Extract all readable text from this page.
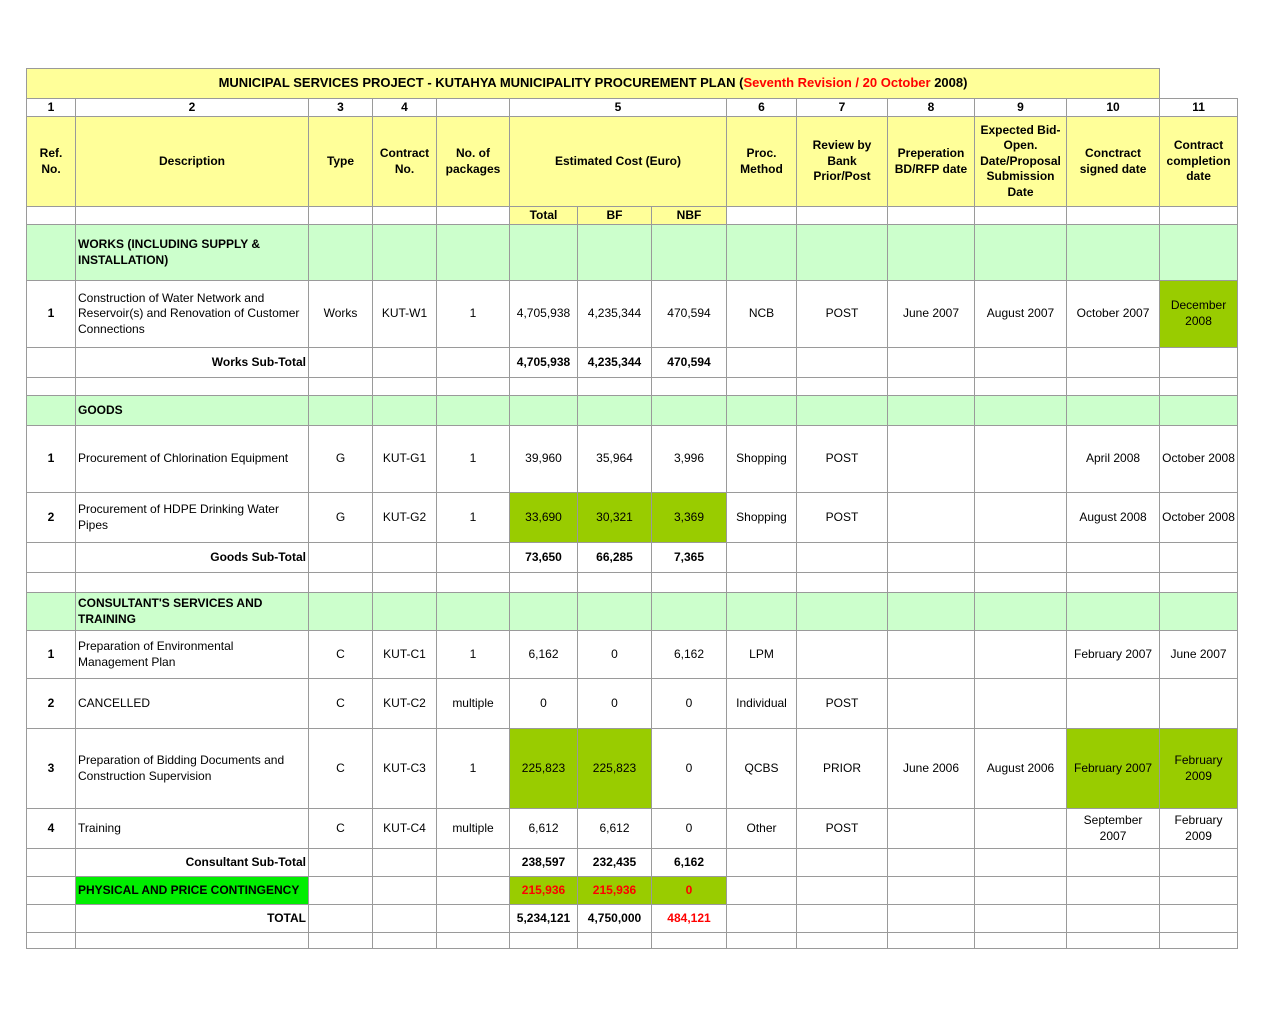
MUNICIPAL SERVICES PROJECT - KUTAHYA MUNICIPALITY PROCUREMENT PLAN (Seventh Revision / 20 October 2008)													
1	2	3	4		5			6	7	8	9	10	11
Ref. No.	Description	Type	Contract No.	No. of packages	Estimated Cost (Euro)			Proc. Method	Review by Bank Prior/Post	Preperation BD/RFP date	Expected Bid-Open. Date/Proposal Submission Date	Conctract signed date	Contract completion date
					Total	BF	NBF						
	WORKS (INCLUDING SUPPLY & INSTALLATION)												
1	Construction of Water Network and Reservoir(s) and Renovation of Customer Connections	Works	KUT-W1	1	4,705,938	4,235,344	470,594	NCB	POST	June 2007	August 2007	October 2007	December 2008
	Works Sub-Total				4,705,938	4,235,344	470,594						

	GOODS												
1	Procurement of Chlorination Equipment	G	KUT-G1	1	39,960	35,964	3,996	Shopping	POST			April 2008	October 2008
2	Procurement of HDPE Drinking Water Pipes	G	KUT-G2	1	33,690	30,321	3,369	Shopping	POST			August 2008	October 2008
	Goods Sub-Total				73,650	66,285	7,365						

	CONSULTANT'S SERVICES AND TRAINING												
1	Preparation of Environmental Management Plan	C	KUT-C1	1	6,162	0	6,162	LPM				February 2007	June 2007
2	CANCELLED	C	KUT-C2	multiple	0	0	0	Individual	POST				
3	Preparation of Bidding Documents and Construction Supervision	C	KUT-C3	1	225,823	225,823	0	QCBS	PRIOR	June 2006	August 2006	February 2007	February 2009
4	Training	C	KUT-C4	multiple	6,612	6,612	0	Other	POST			September 2007	February 2009
	Consultant Sub-Total				238,597	232,435	6,162						
	PHYSICAL AND PRICE CONTINGENCY				215,936	215,936	0						
	TOTAL				5,234,121	4,750,000	484,121						
